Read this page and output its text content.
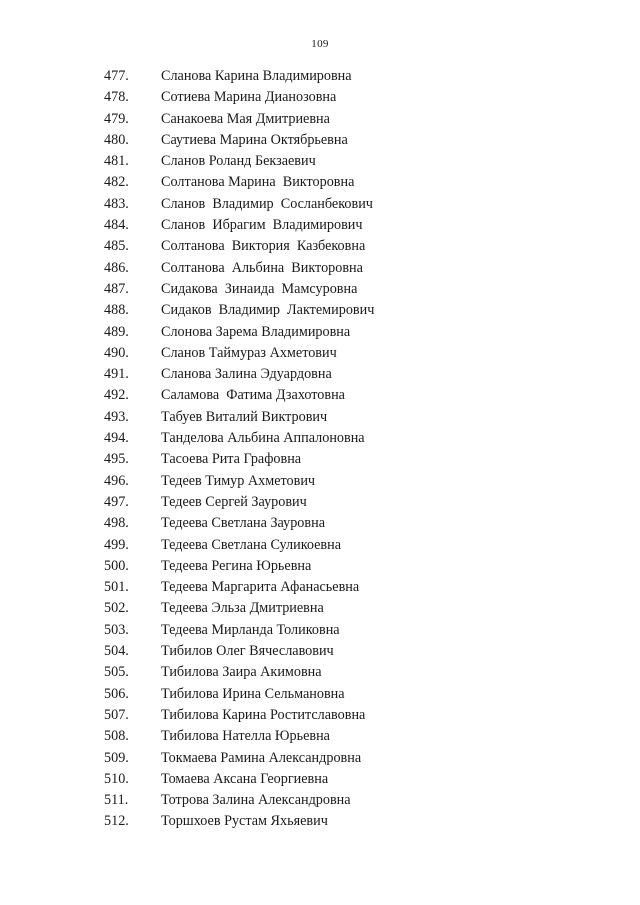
109
477. Сланова Карина Владимировна
478. Сотиева Марина Дианозовна
479. Санакоева Мая Дмитриевна
480. Саутиева Марина Октябрьевна
481. Сланов Роланд Бекзаевич
482. Солтанова Марина  Викторовна
483. Сланов  Владимир  Сосланбекович
484. Сланов  Ибрагим  Владимирович
485. Солтанова  Виктория  Казбековна
486. Солтанова  Альбина  Викторовна
487. Сидакова  Зинаида  Мамсуровна
488. Сидаков  Владимир  Лактемирович
489. Слонова Зарема Владимировна
490. Сланов Таймураз Ахметович
491. Сланова Залина Эдуардовна
492. Саламова  Фатима Дзахотовна
493. Табуев Виталий Виктрович
494. Танделова Альбина Аппалоновна
495. Тасоева Рита Графовна
496. Тедеев Тимур Ахметович
497. Тедеев Сергей Заурович
498. Тедеева Светлана Зауровна
499. Тедеева Светлана Суликоевна
500. Тедеева Регина Юрьевна
501. Тедеева Маргарита Афанасьевна
502. Тедеева Эльза Дмитриевна
503. Тедеева Мирланда Толиковна
504. Тибилов Олег Вячеславович
505. Тибилова Заира Акимовна
506. Тибилова Ирина Сельмановна
507. Тибилова Карина Роститславовна
508. Тибилова Нателла Юрьевна
509. Токмаева Рамина Александровна
510. Томаева Аксана Георгиевна
511. Тотрова Залина Александровна
512. Торшхоев Рустам Яхьяевич
